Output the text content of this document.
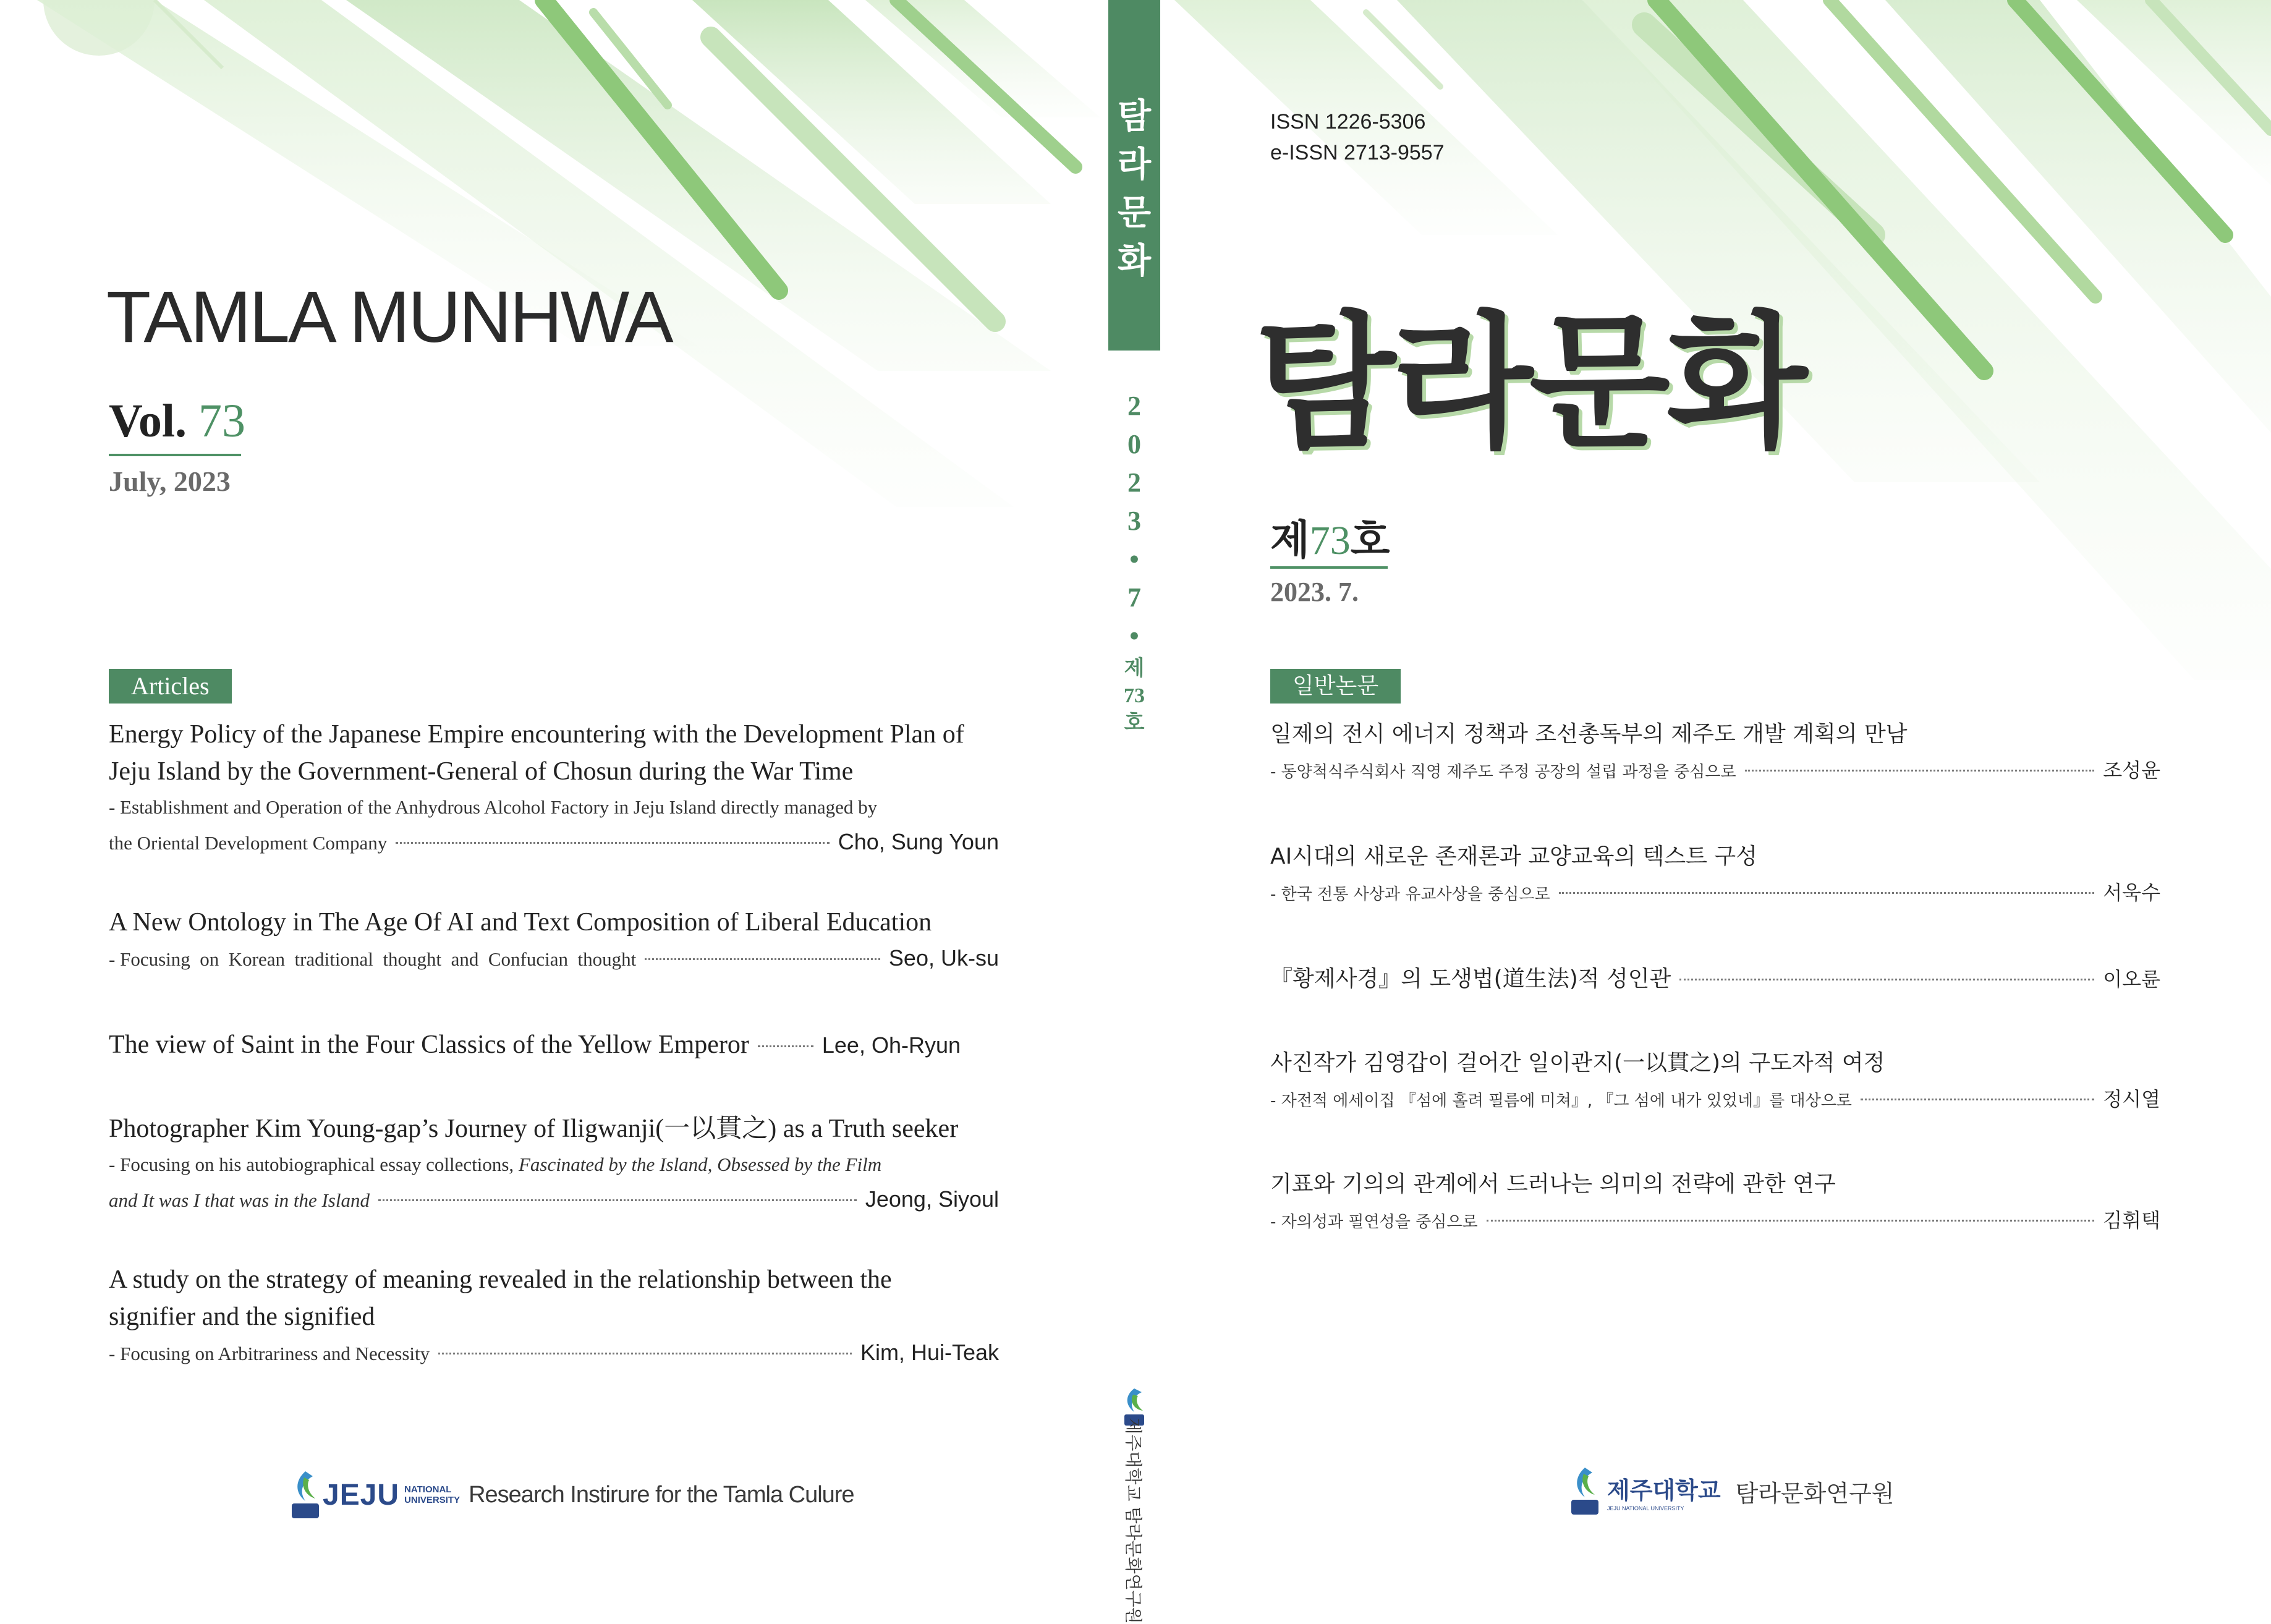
TAMLA MUNHWA
Vol. 73
July, 2023
Articles
Energy Policy of the Japanese Empire encountering with the Development Plan of
Jeju Island by the Government-General of Chosun during the War Time
- Establishment and Operation of the Anhydrous Alcohol Factory in Jeju Island directly managed by
the Oriental Development Company	Cho, Sung Youn
A New Ontology in The Age Of AI and Text Composition of Liberal Education
- Focusing  on  Korean  traditional  thought  and  Confucian  thought	Seo, Uk-su
The view of Saint in the Four Classics of the Yellow Emperor	Lee, Oh-Ryun
Photographer Kim Young-gap’s Journey of Iligwanji(一以貫之) as a Truth seeker
- Focusing on his autobiographical essay collections, Fascinated by the Island, Obsessed by the Film
and It was I that was in the Island	Jeong, Siyoul
A study on the strategy of meaning revealed in the relationship between the
signifier and the signified
- Focusing on Arbitrariness and Necessity	Kim, Hui-Teak
JEJU NATIONAL
UNIVERSITY Research Instirure for the Tamla Culure
탐
라
문
화
2
0
2
3
•
7
•
제
73
호
제주대학교 탐라문화연구원
ISSN 1226-5306
e-ISSN 2713-9557
탐라문화
제73호
2023. 7.
일반논문
일제의 전시 에너지 정책과 조선총독부의 제주도 개발 계획의 만남
- 동양척식주식회사 직영 제주도 주정 공장의 설립 과정을 중심으로	조성윤
AI시대의 새로운 존재론과 교양교육의 텍스트 구성
- 한국 전통 사상과 유교사상을 중심으로	서욱수
『황제사경』의 도생법(道生法)적 성인관	이오륜
사진작가 김영갑이 걸어간 일이관지(一以貫之)의 구도자적 여정
- 자전적 에세이집 『섬에 홀려 필름에 미쳐』, 『그 섬에 내가 있었네』를 대상으로	정시열
기표와 기의의 관계에서 드러나는 의미의 전략에 관한 연구
- 자의성과 필연성을 중심으로	김휘택
제주대학교
JEJU NATIONAL UNIVERSITY
탐라문화연구원
